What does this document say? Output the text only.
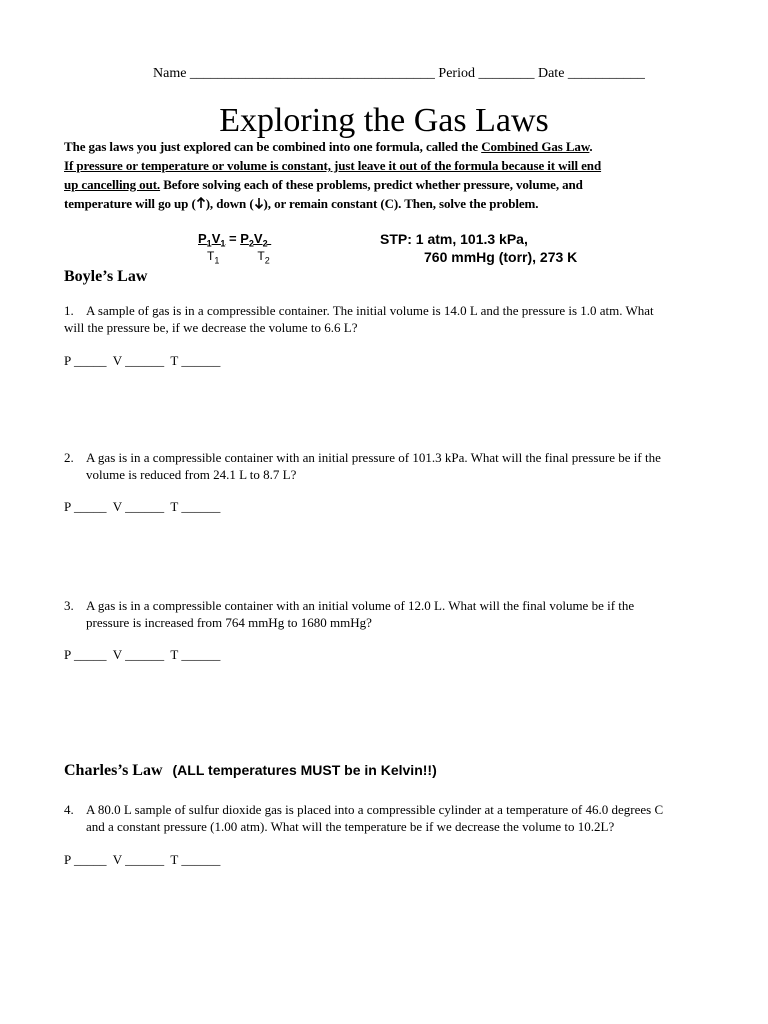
Name ___________________________________ Period ________ Date ___________
Exploring the Gas Laws
The gas laws you just explored can be combined into one formula, called the Combined Gas Law.
If pressure or temperature or volume is constant, just leave it out of the formula because it will end
up cancelling out. Before solving each of these problems, predict whether pressure, volume, and
temperature will go up ( ), down ( ), or remain constant (C). Then, solve the problem.
$P_1V_1 = P_2V_2$
$T_1$	$T_2$
STP: 1 atm, 101.3 kPa,
760 mmHg (torr), 273 K
Boyle’s Law
1. A sample of gas is in a compressible container. The initial volume is 14.0 L and the pressure is 1.0 atm. What
will the pressure be, if we decrease the volume to 6.6 L?
P _____  V ______  T ______
2. A gas is in a compressible container with an initial pressure of 101.3 kPa. What will the final pressure be if the
volume is reduced from 24.1 L to 8.7 L?
P _____  V ______  T ______
3. A gas is in a compressible container with an initial volume of 12.0 L. What will the final volume be if the
pressure is increased from 764 mmHg to 1680 mmHg?
P _____  V ______  T ______
Charles’s Law (ALL temperatures MUST be in Kelvin!!)
4. A 80.0 L sample of sulfur dioxide gas is placed into a compressible cylinder at a temperature of 46.0 degrees C
and a constant pressure (1.00 atm). What will the temperature be if we decrease the volume to 10.2L?
P _____  V ______  T ______
